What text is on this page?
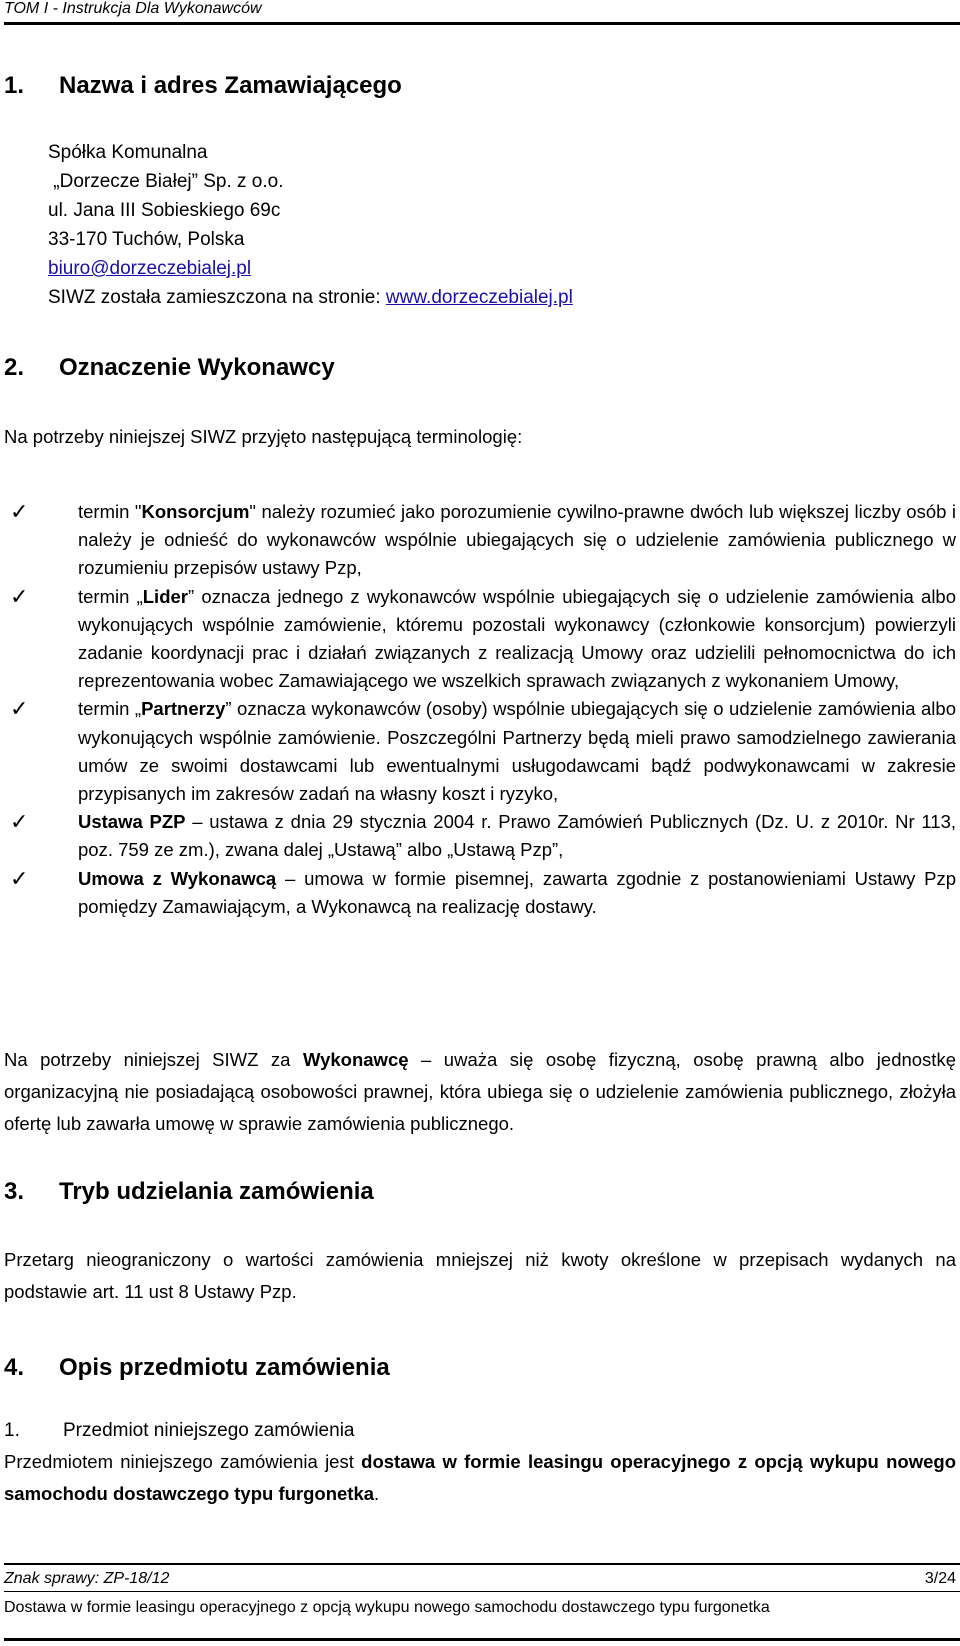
TOM I - Instrukcja Dla Wykonawców
1. Nazwa i adres Zamawiającego
Spółka Komunalna
„Dorzecze Białej” Sp. z o.o.
ul. Jana III Sobieskiego 69c
33-170 Tuchów, Polska
biuro@dorzeczebialej.pl
SIWZ została zamieszczona na stronie: www.dorzeczebialej.pl
2. Oznaczenie Wykonawcy
Na potrzeby niniejszej SIWZ przyjęto następującą terminologię:
✓	termin "Konsorcjum" należy rozumieć jako porozumienie cywilno-prawne dwóch lub większej liczby osób i należy je odnieść do wykonawców wspólnie ubiegających się o udzielenie zamówienia publicznego w rozumieniu przepisów ustawy Pzp,
✓	termin „Lider” oznacza jednego z wykonawców wspólnie ubiegających się o udzielenie zamówienia albo wykonujących wspólnie zamówienie, któremu pozostali wykonawcy (członkowie konsorcjum) powierzyli zadanie koordynacji prac i działań związanych z realizacją Umowy oraz udzielili pełnomocnictwa do ich reprezentowania wobec Zamawiającego we wszelkich sprawach związanych z wykonaniem Umowy,
✓	termin „Partnerzy” oznacza wykonawców (osoby) wspólnie ubiegających się o udzielenie zamówienia albo wykonujących wspólnie zamówienie. Poszczególni Partnerzy będą mieli prawo samodzielnego zawierania umów ze swoimi dostawcami lub ewentualnymi usługodawcami bądź podwykonawcami w zakresie przypisanych im zakresów zadań na własny koszt i ryzyko,
✓	Ustawa PZP – ustawa z dnia 29 stycznia 2004 r. Prawo Zamówień Publicznych (Dz. U. z 2010r. Nr 113, poz. 759 ze zm.), zwana dalej „Ustawą” albo „Ustawą Pzp”,
✓	Umowa z Wykonawcą – umowa w formie pisemnej, zawarta zgodnie z postanowieniami Ustawy Pzp pomiędzy Zamawiającym, a Wykonawcą na realizację dostawy.
Na potrzeby niniejszej SIWZ za Wykonawcę – uważa się osobę fizyczną, osobę prawną albo jednostkę organizacyjną nie posiadającą osobowości prawnej, która ubiega się o udzielenie zamówienia publicznego, złożyła ofertę lub zawarła umowę w sprawie zamówienia publicznego.
3. Tryb udzielania zamówienia
Przetarg nieograniczony o wartości zamówienia mniejszej niż kwoty określone w przepisach wydanych na podstawie art. 11 ust 8 Ustawy Pzp.
4. Opis przedmiotu zamówienia
1. Przedmiot niniejszego zamówienia
Przedmiotem niniejszego zamówienia jest dostawa w formie leasingu operacyjnego z opcją wykupu nowego samochodu dostawczego typu furgonetka.
Znak sprawy: ZP-18/12	3/24
Dostawa w formie leasingu operacyjnego z opcją wykupu nowego samochodu dostawczego typu furgonetka
